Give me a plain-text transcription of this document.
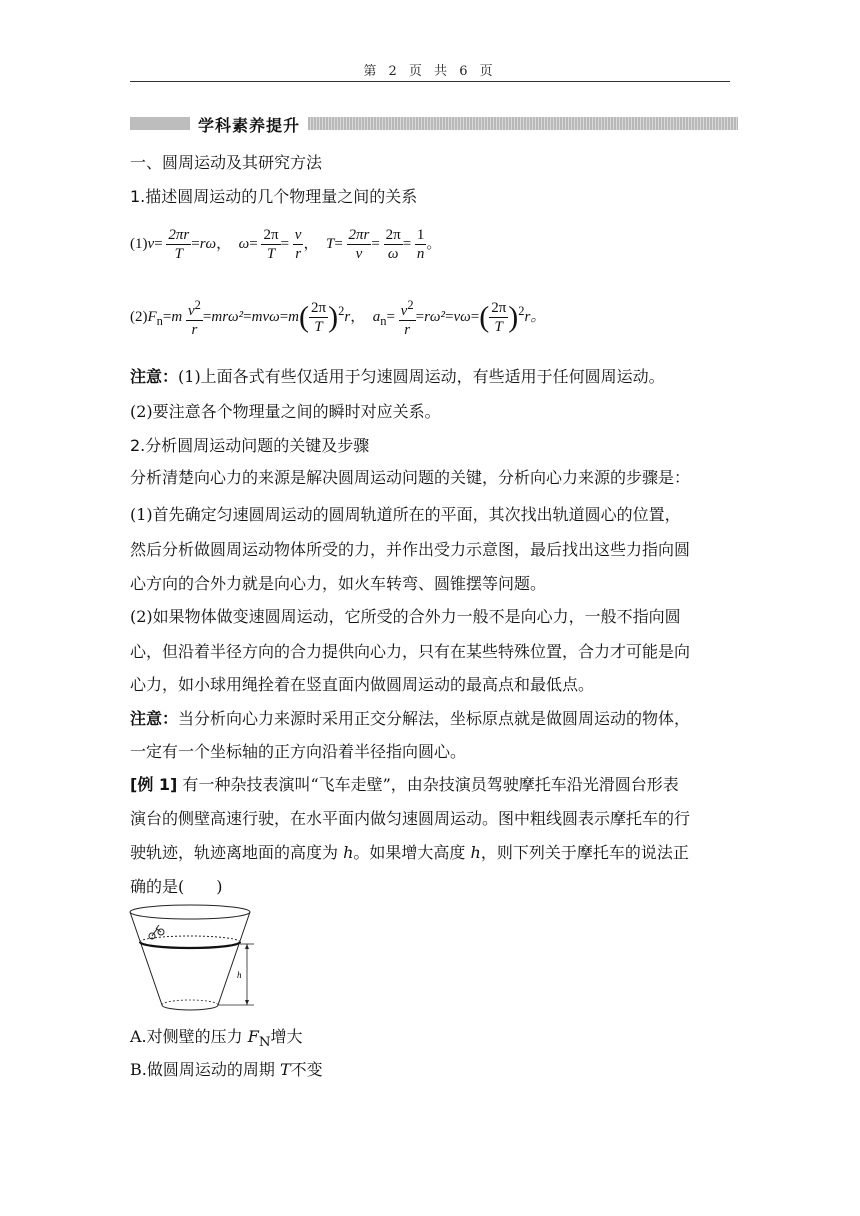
第 2 页 共 6 页
学科素养提升
一、圆周运动及其研究方法
1.描述圆周运动的几个物理量之间的关系
$(1)v= \frac{2\pi r}{T} =r\omega$，  $\omega= \frac{2\pi}{T} = \frac{v}{r}$ ，  $T= \frac{2\pi r}{v} = \frac{2\pi}{\omega} = \frac{1}{n}$ 。
$(2)F_n=m \frac{v^2}{r} =mr\omega^2=mv\omega=m( \frac{2\pi}{T} )^2r$，  $a_n= \frac{v^2}{r} =r\omega^2=v\omega=( \frac{2\pi}{T} )^2r$。
注意：(1)上面各式有些仅适用于匀速圆周运动，有些适用于任何圆周运动。
(2)要注意各个物理量之间的瞬时对应关系。
2.分析圆周运动问题的关键及步骤
分析清楚向心力的来源是解决圆周运动问题的关键，分析向心力来源的步骤是：
(1)首先确定匀速圆周运动的圆周轨道所在的平面，其次找出轨道圆心的位置，
然后分析做圆周运动物体所受的力，并作出受力示意图，最后找出这些力指向圆
心方向的合外力就是向心力，如火车转弯、圆锥摆等问题。
(2)如果物体做变速圆周运动，它所受的合外力一般不是向心力，一般不指向圆
心，但沿着半径方向的合力提供向心力，只有在某些特殊位置，合力才可能是向
心力，如小球用绳拴着在竖直面内做圆周运动的最高点和最低点。
注意：当分析向心力来源时采用正交分解法，坐标原点就是做圆周运动的物体，
一定有一个坐标轴的正方向沿着半径指向圆心。
[例 1] 有一种杂技表演叫“飞车走壁”，由杂技演员驾驶摩托车沿光滑圆台形表
演台的侧壁高速行驶，在水平面内做匀速圆周运动。图中粗线圆表示摩托车的行
驶轨迹，轨迹离地面的高度为 h。如果增大高度 h，则下列关于摩托车的说法正
确的是(　　)
h
A.对侧壁的压力 $F_N$增大
B.做圆周运动的周期 T不变
